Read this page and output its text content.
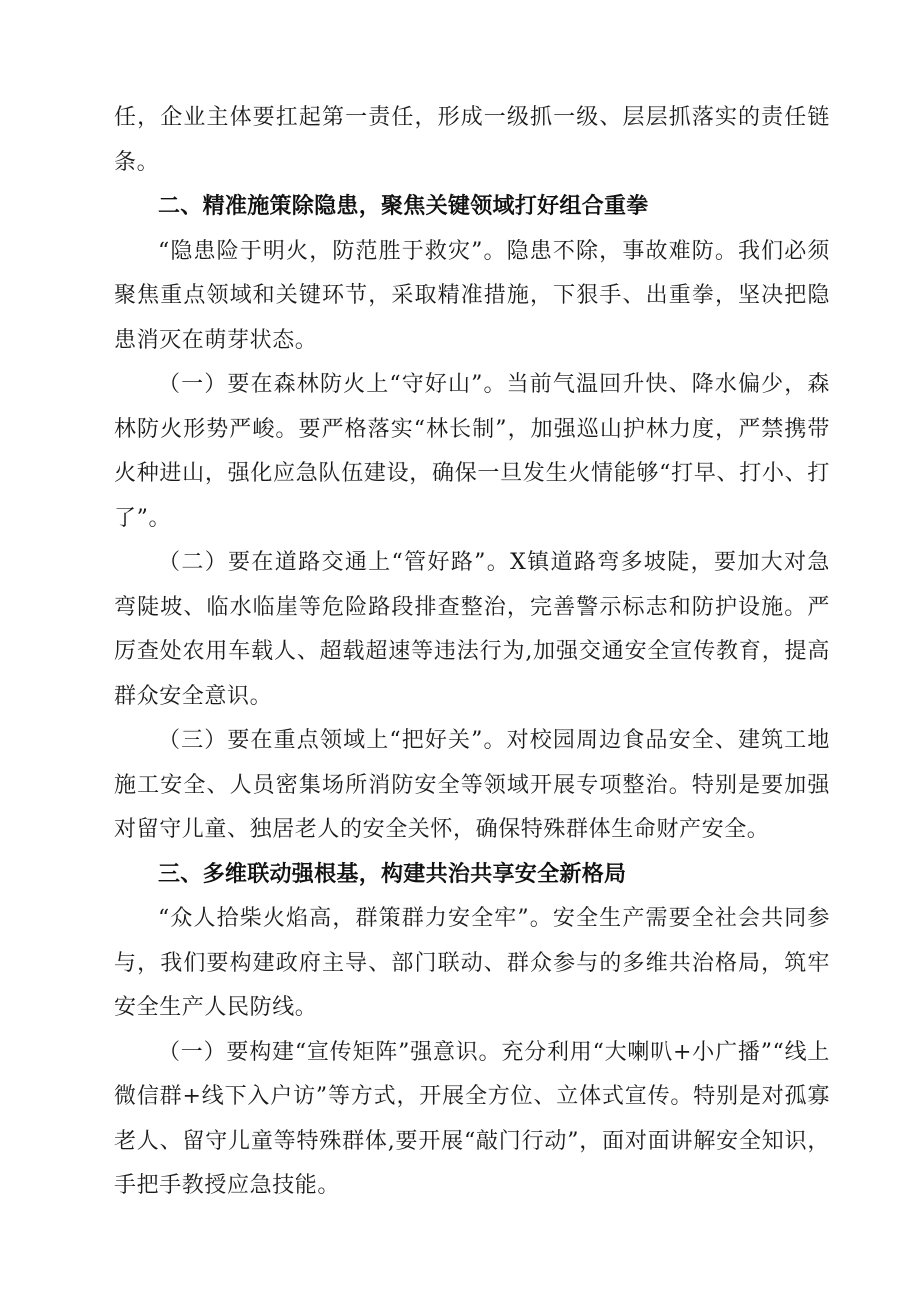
任，企业主体要扛起第一责任，形成一级抓一级、层层抓落实的责任链条。

二、精准施策除隐患，聚焦关键领域打好组合重拳

“隐患险于明火，防范胜于救灾”。隐患不除，事故难防。我们必须聚焦重点领域和关键环节，采取精准措施，下狠手、出重拳，坚决把隐患消灭在萌芽状态。

（一）要在森林防火上“守好山”。当前气温回升快、降水偏少，森林防火形势严峻。要严格落实“林长制”，加强巡山护林力度，严禁携带火种进山，强化应急队伍建设，确保一旦发生火情能够“打早、打小、打了”。

（二）要在道路交通上“管好路”。X镇道路弯多坡陡，要加大对急弯陡坡、临水临崖等危险路段排查整治，完善警示标志和防护设施。严厉查处农用车载人、超载超速等违法行为,加强交通安全宣传教育，提高群众安全意识。

（三）要在重点领域上“把好关”。对校园周边食品安全、建筑工地施工安全、人员密集场所消防安全等领域开展专项整治。特别是要加强对留守儿童、独居老人的安全关怀，确保特殊群体生命财产安全。

三、多维联动强根基，构建共治共享安全新格局

“众人拾柴火焰高，群策群力安全牢”。安全生产需要全社会共同参与，我们要构建政府主导、部门联动、群众参与的多维共治格局，筑牢安全生产人民防线。

（一）要构建“宣传矩阵”强意识。充分利用“大喇叭+小广播”“线上微信群+线下入户访”等方式，开展全方位、立体式宣传。特别是对孤寡老人、留守儿童等特殊群体,要开展“敲门行动”，面对面讲解安全知识，手把手教授应急技能。
